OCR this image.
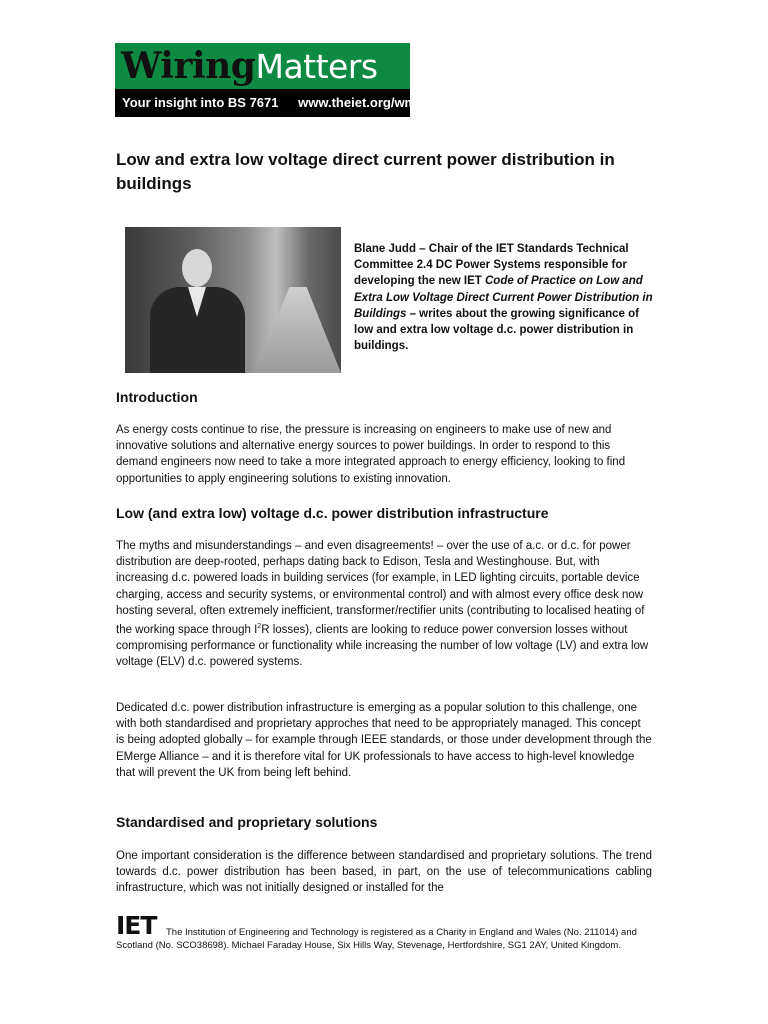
WiringMatters
Your insight into BS 7671 www.theiet.org/wm
Low and extra low voltage direct current power distribution in buildings

Blane Judd – Chair of the IET Standards Technical Committee 2.4 DC Power Systems responsible for developing the new IET Code of Practice on Low and Extra Low Voltage Direct Current Power Distribution in Buildings – writes about the growing significance of low and extra low voltage d.c. power distribution in buildings.

Introduction

As energy costs continue to rise, the pressure is increasing on engineers to make use of new and innovative solutions and alternative energy sources to power buildings. In order to respond to this demand engineers now need to take a more integrated approach to energy efficiency, looking to find opportunities to apply engineering solutions to existing innovation.

Low (and extra low) voltage d.c. power distribution infrastructure

The myths and misunderstandings – and even disagreements! – over the use of a.c. or d.c. for power distribution are deep-rooted, perhaps dating back to Edison, Tesla and Westinghouse. But, with increasing d.c. powered loads in building services (for example, in LED lighting circuits, portable device charging, access and security systems, or environmental control) and with almost every office desk now hosting several, often extremely inefficient, transformer/rectifier units (contributing to localised heating of the working space through $I^2R$ losses), clients are looking to reduce power conversion losses without compromising performance or functionality while increasing the number of low voltage (LV) and extra low voltage (ELV) d.c. powered systems.

Dedicated d.c. power distribution infrastructure is emerging as a popular solution to this challenge, one with both standardised and proprietary approches that need to be appropriately managed. This concept is being adopted globally – for example through IEEE standards, or those under development through the EMerge Alliance – and it is therefore vital for UK professionals to have access to high-level knowledge that will prevent the UK from being left behind.

Standardised and proprietary solutions

One important consideration is the difference between standardised and proprietary solutions. The trend towards d.c. power distribution has been based, in part, on the use of telecommunications cabling infrastructure, which was not initially designed or installed for the

IET	The Institution of Engineering and Technology is registered as a Charity in England and Wales (No. 211014) and Scotland (No. SCO38698). Michael Faraday House, Six Hills Way, Stevenage, Hertfordshire, SG1 2AY, United Kingdom.
